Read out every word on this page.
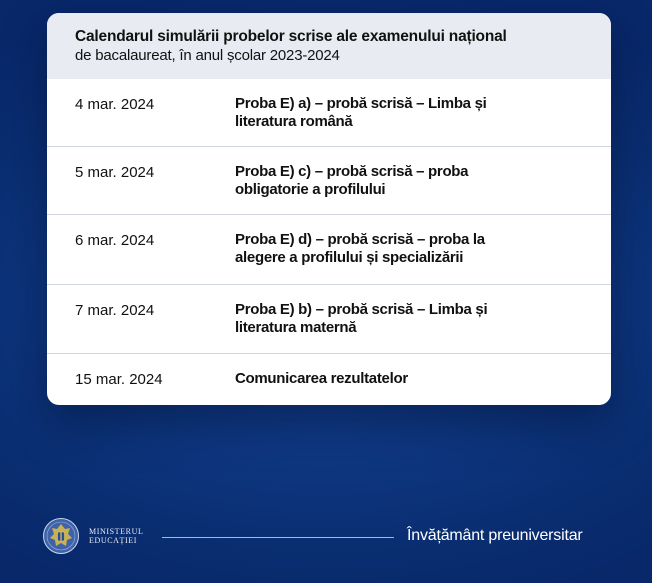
Calendarul simulării probelor scrise ale examenului național
de bacalaureat, în anul școlar 2023-2024
4 mar. 2024	Proba E) a) – probă scrisă – Limba și
literatura română
5 mar. 2024	Proba E) c) – probă scrisă – proba
obligatorie a profilului
6 mar. 2024	Proba E) d) – probă scrisă – proba la
alegere a profilului și specializării
7 mar. 2024	Proba E) b) – probă scrisă – Limba și
literatura maternă
15 mar. 2024	Comunicarea rezultatelor
MINISTERUL
EDUCAȚIEI	Învățământ preuniversitar
